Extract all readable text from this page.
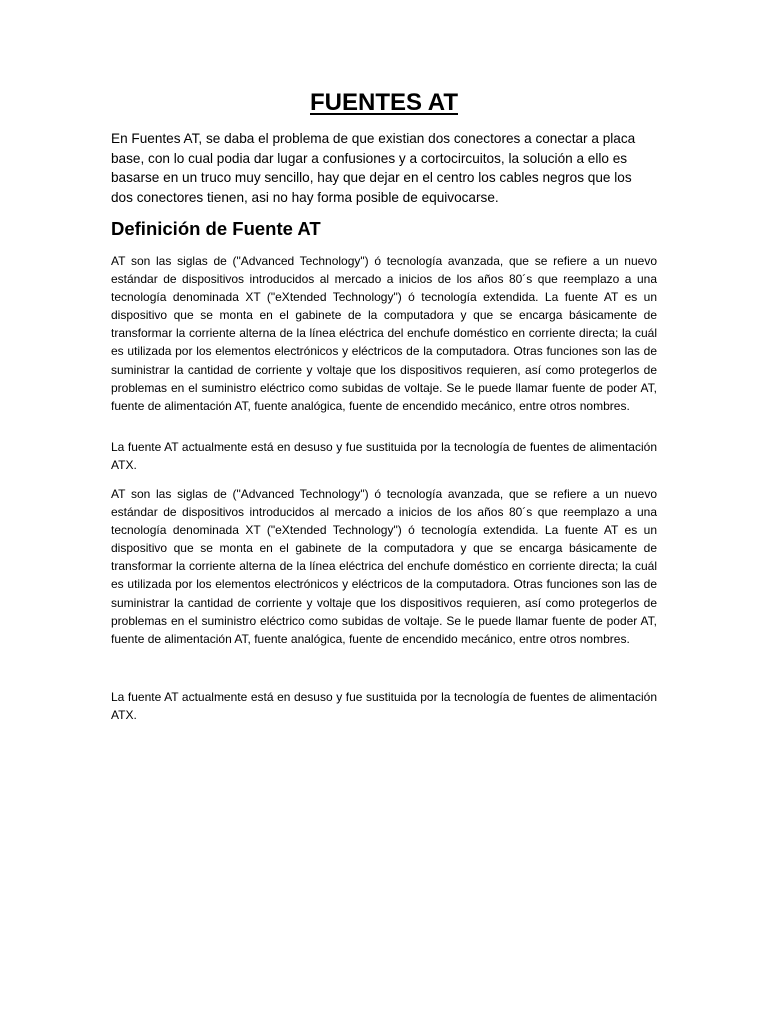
FUENTES AT

En Fuentes AT, se daba el problema de que existian dos conectores a conectar a placa base, con lo cual podia dar lugar a confusiones y a cortocircuitos, la solución a ello es basarse en un truco muy sencillo, hay que dejar en el centro los cables negros que los dos conectores tienen, asi no hay forma posible de equivocarse.

Definición de Fuente AT

AT son las siglas de ("Advanced Technology") ó tecnología avanzada, que se refiere a un nuevo estándar de dispositivos introducidos al mercado a inicios de los años 80´s que reemplazo a una tecnología denominada XT ("eXtended Technology") ó tecnología extendida. La fuente AT es un dispositivo que se monta en el gabinete de la computadora y que se encarga básicamente de transformar la corriente alterna de la línea eléctrica del enchufe doméstico en corriente directa; la cuál es utilizada por los elementos electrónicos y eléctricos de la computadora. Otras funciones son las de suministrar la cantidad de corriente y voltaje que los dispositivos requieren, así como protegerlos de problemas en el suministro eléctrico como subidas de voltaje. Se le puede llamar fuente de poder AT, fuente de alimentación AT, fuente analógica, fuente de encendido mecánico, entre otros nombres.

La fuente AT actualmente está en desuso y fue sustituida por la tecnología de fuentes de alimentación ATX.

AT son las siglas de ("Advanced Technology") ó tecnología avanzada, que se refiere a un nuevo estándar de dispositivos introducidos al mercado a inicios de los años 80´s que reemplazo a una tecnología denominada XT ("eXtended Technology") ó tecnología extendida. La fuente AT es un dispositivo que se monta en el gabinete de la computadora y que se encarga básicamente de transformar la corriente alterna de la línea eléctrica del enchufe doméstico en corriente directa; la cuál es utilizada por los elementos electrónicos y eléctricos de la computadora. Otras funciones son las de suministrar la cantidad de corriente y voltaje que los dispositivos requieren, así como protegerlos de problemas en el suministro eléctrico como subidas de voltaje. Se le puede llamar fuente de poder AT, fuente de alimentación AT, fuente analógica, fuente de encendido mecánico, entre otros nombres.

La fuente AT actualmente está en desuso y fue sustituida por la tecnología de fuentes de alimentación ATX.
